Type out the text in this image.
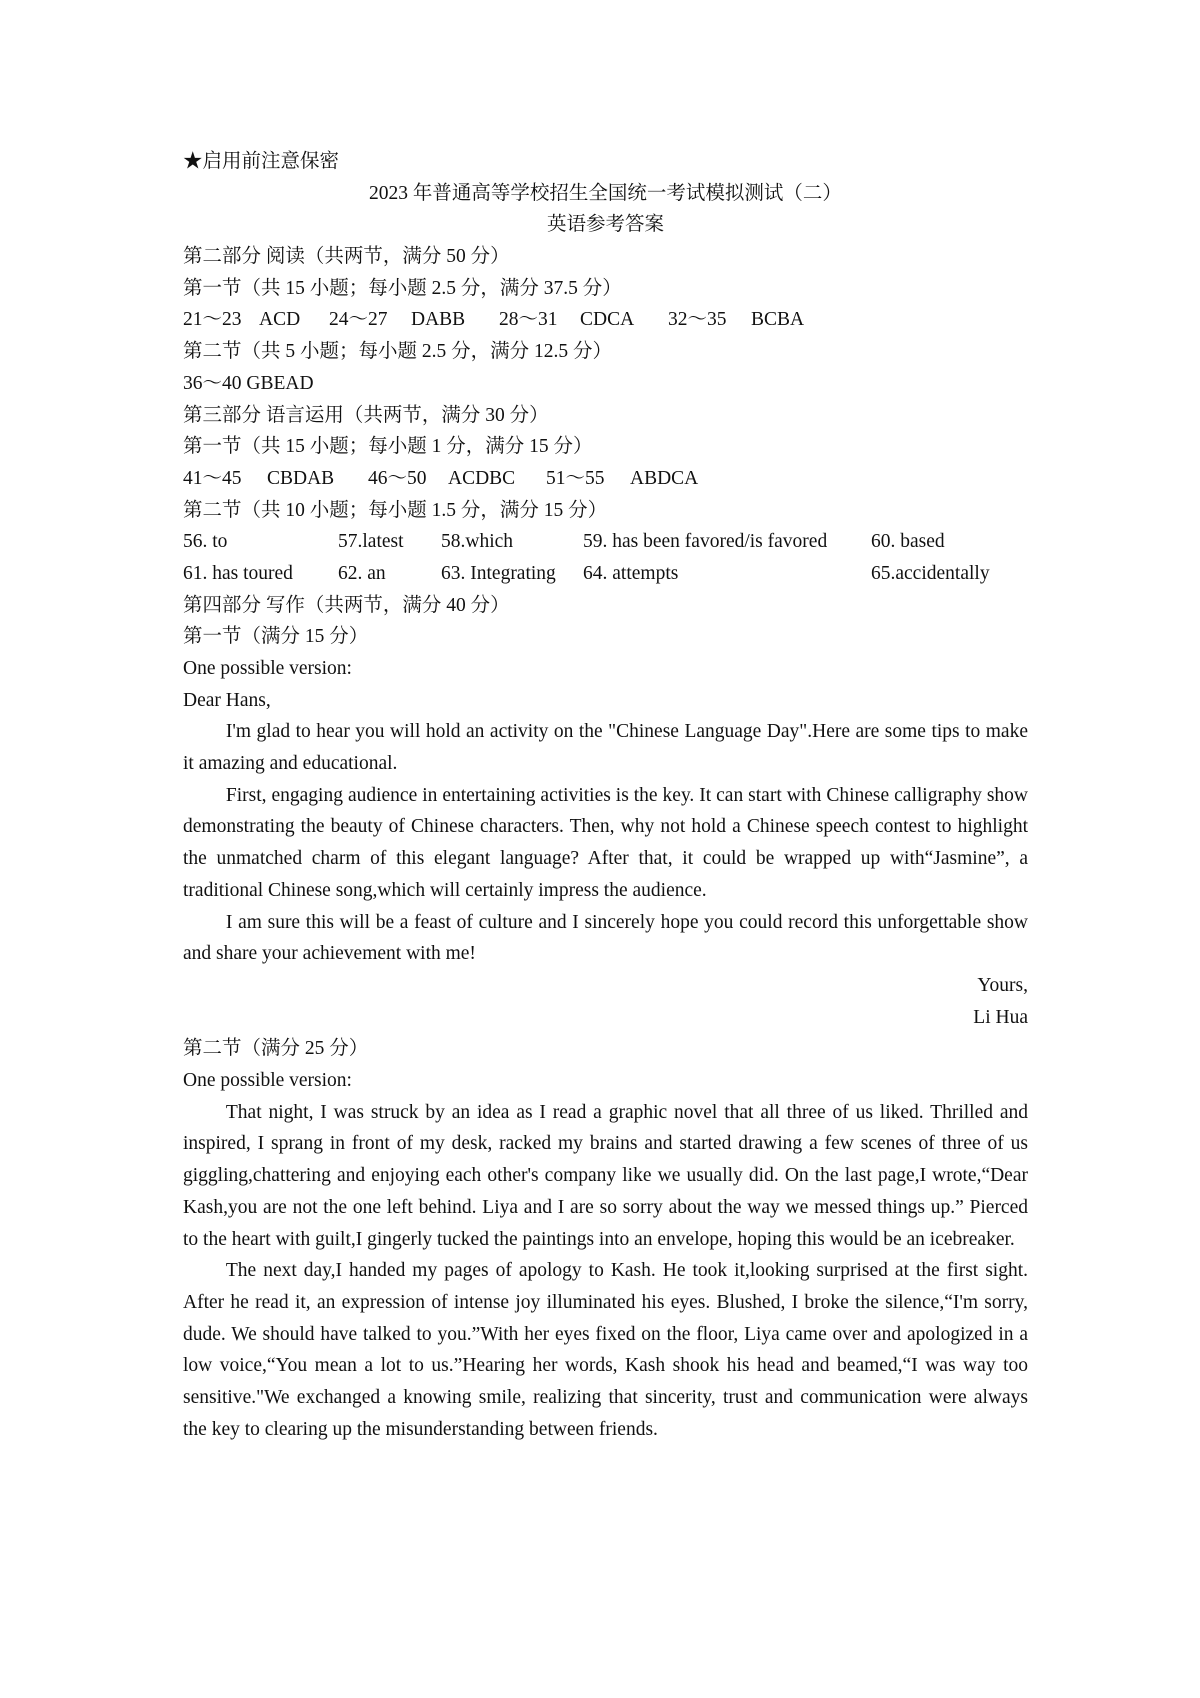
★启用前注意保密
2023 年普通高等学校招生全国统一考试模拟测试（二）
英语参考答案
第二部分 阅读（共两节，满分 50 分）
第一节（共 15 小题；每小题 2.5 分，满分 37.5 分）
21～23 ACD	24～27	DABB	28～31	CDCA	32～35	BCBA
第二节（共 5 小题；每小题 2.5 分，满分 12.5 分）
36～40 GBEAD
第三部分 语言运用（共两节，满分 30 分）
第一节（共 15 小题；每小题 1 分，满分 15 分）
41～45	CBDAB	46～50	ACDBC	51～55	ABDCA
第二节（共 10 小题；每小题 1.5 分，满分 15 分）
56. to	57.latest	58.which	59. has been favored/is favored	60. based
61. has toured	62. an	63. Integrating	64. attempts	65.accidentally
第四部分 写作（共两节，满分 40 分）
第一节（满分 15 分）
One possible version:
Dear Hans,
I'm glad to hear you will hold an activity on the "Chinese Language Day".Here are some tips to make it amazing and educational.
First, engaging audience in entertaining activities is the key. It can start with Chinese calligraphy show demonstrating the beauty of Chinese characters. Then, why not hold a Chinese speech contest to highlight the unmatched charm of this elegant language? After that, it could be wrapped up with“Jasmine”, a traditional Chinese song,which will certainly impress the audience.
I am sure this will be a feast of culture and I sincerely hope you could record this unforgettable show and share your achievement with me!
Yours,
Li Hua
第二节（满分 25 分）
One possible version:
That night, I was struck by an idea as I read a graphic novel that all three of us liked. Thrilled and inspired, I sprang in front of my desk, racked my brains and started drawing a few scenes of three of us giggling,chattering and enjoying each other's company like we usually did. On the last page,I wrote,“Dear Kash,you are not the one left behind. Liya and I are so sorry about the way we messed things up.” Pierced to the heart with guilt,I gingerly tucked the paintings into an envelope, hoping this would be an icebreaker.
The next day,I handed my pages of apology to Kash. He took it,looking surprised at the first sight. After he read it, an expression of intense joy illuminated his eyes. Blushed, I broke the silence,“I'm sorry, dude. We should have talked to you.”With her eyes fixed on the floor, Liya came over and apologized in a low voice,“You mean a lot to us.”Hearing her words, Kash shook his head and beamed,“I was way too sensitive."We exchanged a knowing smile, realizing that sincerity, trust and communication were always the key to clearing up the misunderstanding between friends.
